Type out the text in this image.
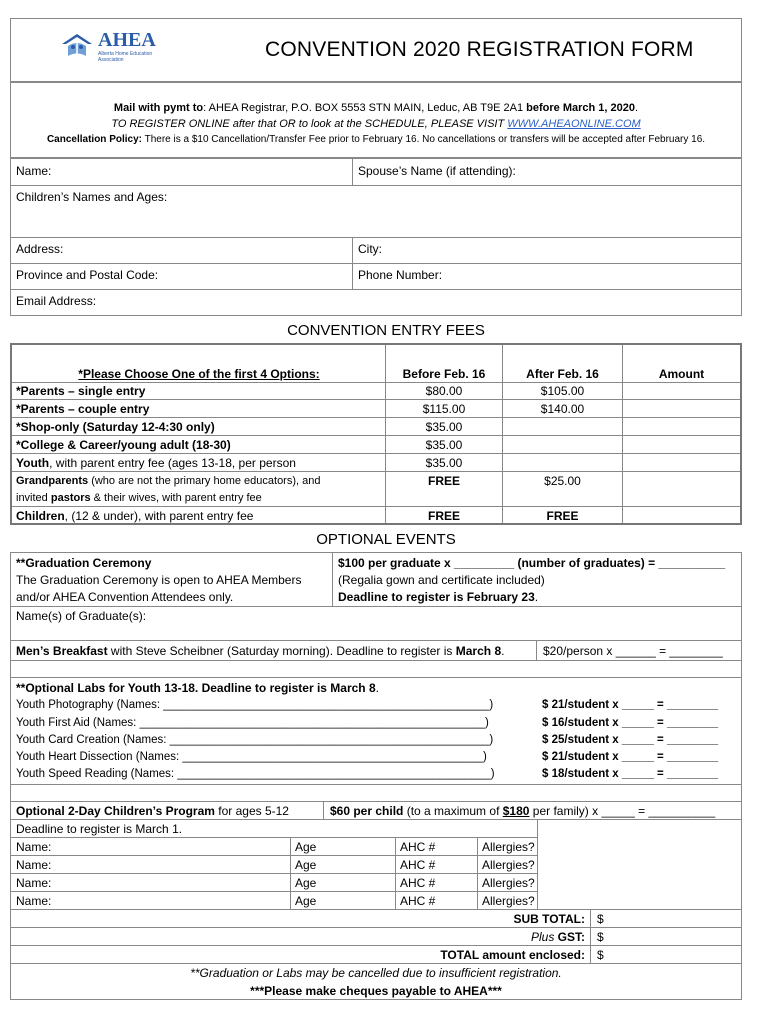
AHEA
Alberta Home Education Association	CONVENTION 2020 REGISTRATION FORM
Mail with pymt to: AHEA Registrar, P.O. BOX 5553 STN MAIN, Leduc, AB T9E 2A1 before March 1, 2020.
TO REGISTER ONLINE after that OR to look at the SCHEDULE, PLEASE VISIT WWW.AHEAONLINE.COM
Cancellation Policy: There is a $10 Cancellation/Transfer Fee prior to February 16. No cancellations or transfers will be accepted after February 16.
Name:	Spouse’s Name (if attending):
Children’s Names and Ages:
Address:	City:
Province and Postal Code:	Phone Number:
Email Address:
CONVENTION ENTRY FEES
*Please Choose One of the first 4 Options:	Before Feb. 16	After Feb. 16	Amount
*Parents – single entry	$80.00	$105.00
*Parents – couple entry	$115.00	$140.00
*Shop-only (Saturday 12-4:30 only)	$35.00
*College & Career/young adult (18-30)	$35.00
Youth, with parent entry fee (ages 13-18, per person	$35.00
Grandparents (who are not the primary home educators), and	FREE	$25.00
invited pastors & their wives, with parent entry fee
Children, (12 & under), with parent entry fee	FREE	FREE
OPTIONAL EVENTS
**Graduation Ceremony
The Graduation Ceremony is open to AHEA Members
and/or AHEA Convention Attendees only.
$100 per graduate x _________ (number of graduates) = __________
(Regalia gown and certificate included)
Deadline to register is February 23.
Name(s) of Graduate(s):
Men’s Breakfast with Steve Scheibner (Saturday morning). Deadline to register is March 8.	$20/person x ______ = ________
**Optional Labs for Youth 13-18. Deadline to register is March 8.
Youth Photography (Names: ___________________________________________________)	$ 21/student x _____ = ________
Youth First Aid (Names: ______________________________________________________)	$ 16/student x _____ = ________
Youth Card Creation (Names: __________________________________________________)	$ 25/student x _____ = ________
Youth Heart Dissection (Names: _______________________________________________)	$ 21/student x _____ = ________
Youth Speed Reading (Names: _________________________________________________)	$ 18/student x _____ = ________
Optional 2-Day Children’s Program for ages 5-12	$60 per child (to a maximum of $180 per family) x _____ = __________
Deadline to register is March 1.
Name:	Age	AHC #	Allergies?
Name:	Age	AHC #	Allergies?
Name:	Age	AHC #	Allergies?
Name:	Age	AHC #	Allergies?
SUB TOTAL: $
Plus GST: $
TOTAL amount enclosed: $
**Graduation or Labs may be cancelled due to insufficient registration.
***Please make cheques payable to AHEA***
